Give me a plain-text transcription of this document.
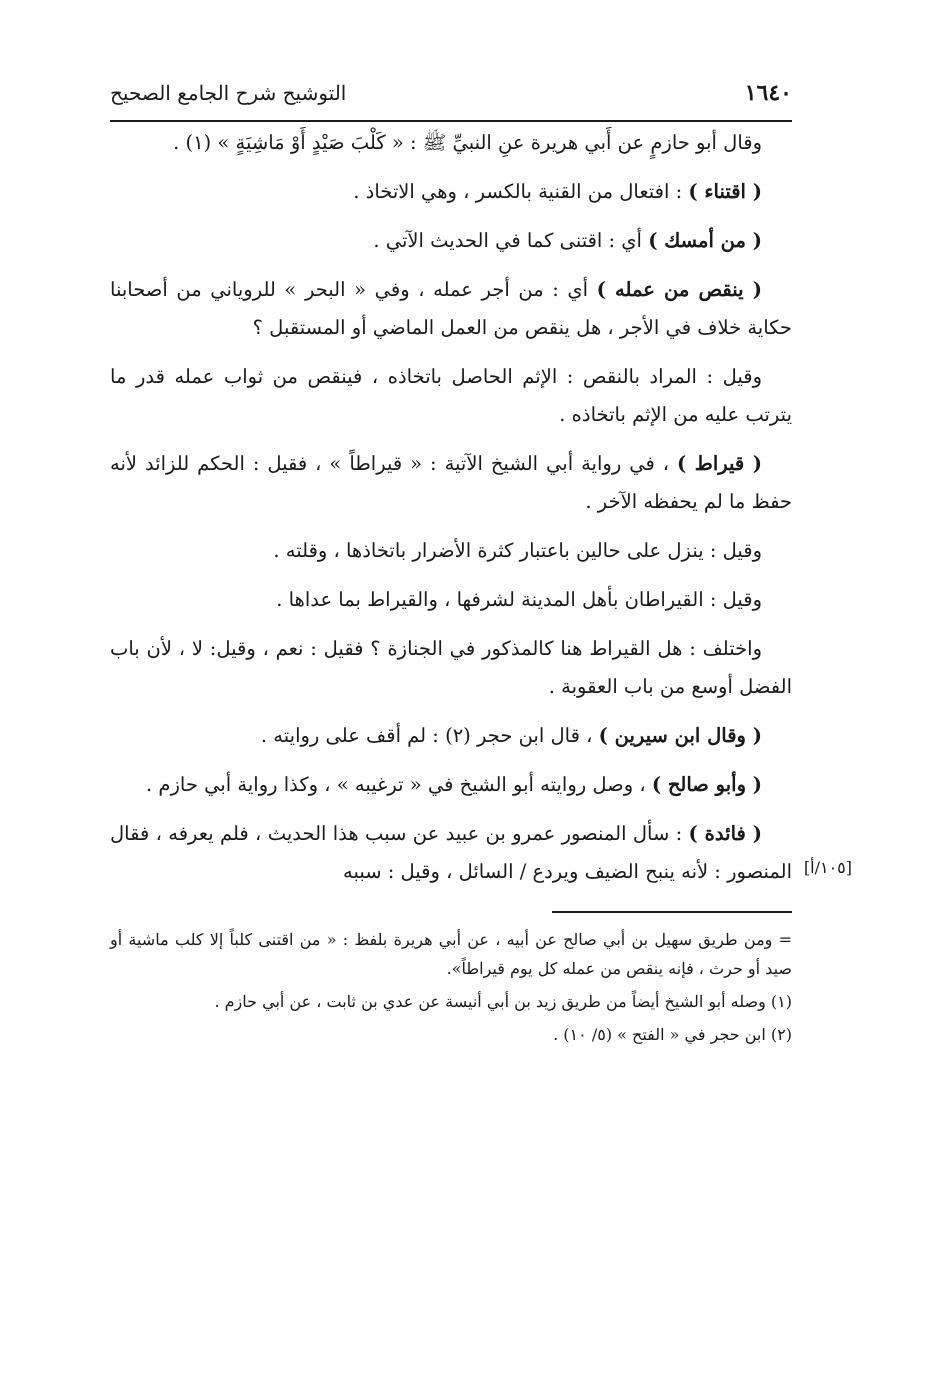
١٦٤٠
التوشيح شرح الجامع الصحيح

وقال أبو حازمٍ عن أَبي هريرة عنِ النبيِّ ﷺ : « كَلْبَ صَيْدٍ أَوْ مَاشِيَةٍ » (١) .

( اقتناء ) : افتعال من القنية بالكسر ، وهي الاتخاذ .

( من أمسك ) أي : اقتنى كما في الحديث الآتي .

( ينقص من عمله ) أي : من أجر عمله ، وفي « البحر » للروياني من أصحابنا حكاية خلاف في الأجر ، هل ينقص من العمل الماضي أو المستقبل ؟

وقيل : المراد بالنقص : الإثم الحاصل باتخاذه ، فينقص من ثواب عمله قدر ما يترتب عليه من الإثم باتخاذه .

( قيراط ) ، في رواية أبي الشيخ الآتية : « قيراطاً » ، فقيل : الحكم للزائد لأنه حفظ ما لم يحفظه الآخر .

وقيل : ينزل على حالين باعتبار كثرة الأضرار باتخاذها ، وقلته .

وقيل : القيراطان بأهل المدينة لشرفها ، والقيراط بما عداها .

واختلف : هل القيراط هنا كالمذكور في الجنازة ؟ فقيل : نعم ، وقيل: لا ، لأن باب الفضل أوسع من باب العقوبة .

( وقال ابن سيرين ) ، قال ابن حجر (٢) : لم أقف على روايته .

( وأبو صالح ) ، وصل روايته أبو الشيخ في « ترغيبه » ، وكذا رواية أبي حازم .

[١٠٥/أ]
( فائدة ) : سأل المنصور عمرو بن عبيد عن سبب هذا الحديث ، فلم يعرفه ، فقال المنصور : لأنه ينبح الضيف ويردع / السائل ، وقيل : سببه

= ومن طريق سهيل بن أبي صالح عن أبيه ، عن أبي هريرة بلفظ : « من اقتنى كلباً إلا كلب ماشية أو صيد أو حرث ، فإنه ينقص من عمله كل يوم قيراطاً».

(١) وصله أبو الشيخ أيضاً من طريق زيد بن أبي أنيسة عن عدي بن ثابت ، عن أبي حازم .

(٢) ابن حجر في « الفتح » (٥/ ١٠) .
